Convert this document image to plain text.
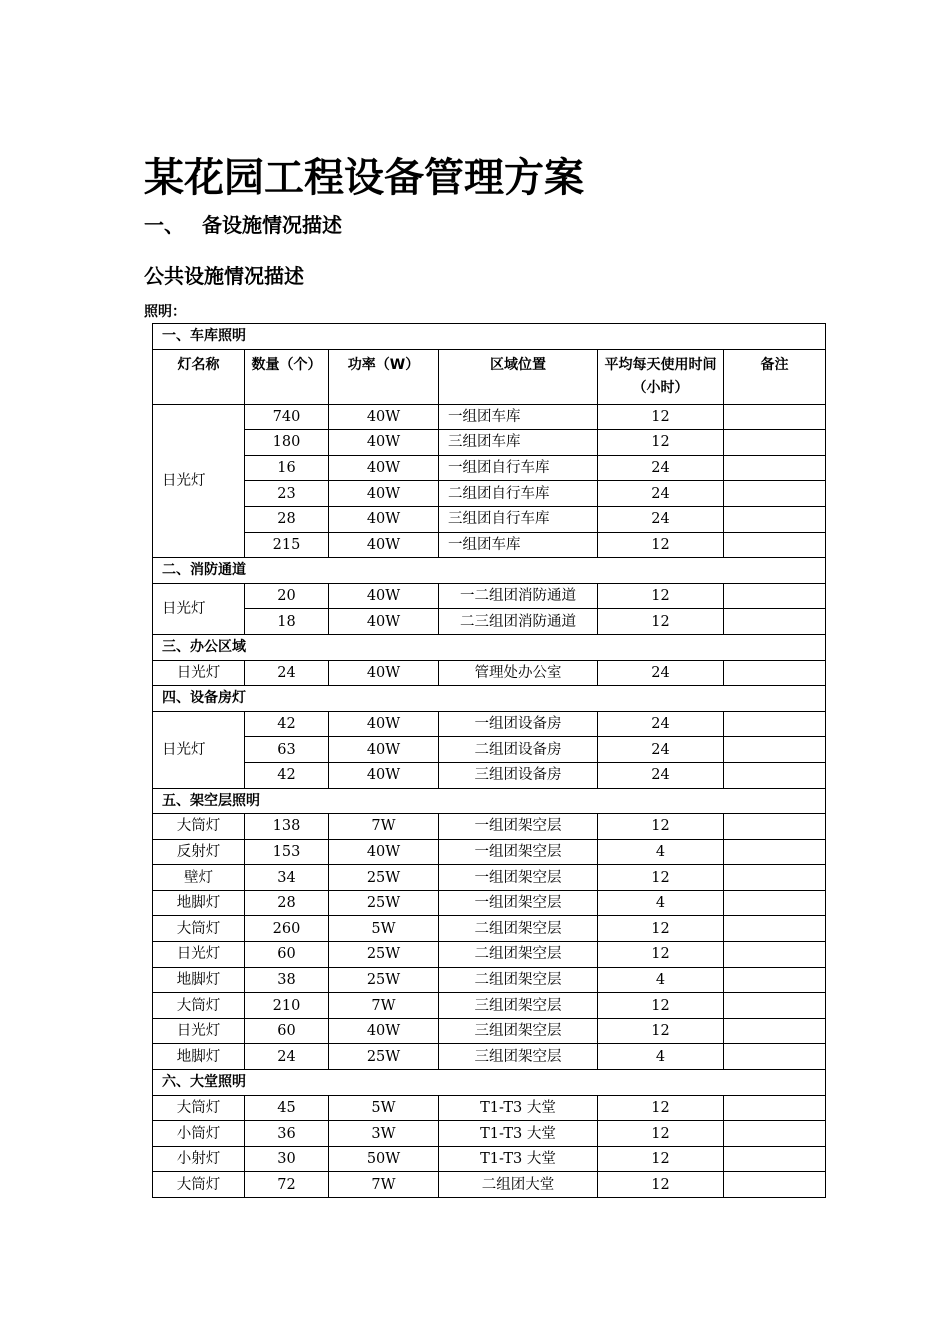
某花园工程设备管理方案
一、 备设施情况描述
公共设施情况描述
照明：
一、车库照明					
灯名称	数量（个）	功率（W）	区域位置	平均每天使用时间（小时）	备注
日光灯	740	40W	一组团车库	12	
	180	40W	三组团车库	12	
	16	40W	一组团自行车库	24	
	23	40W	二组团自行车库	24	
	28	40W	三组团自行车库	24	
	215	40W	一组团车库	12	
二、消防通道					
日光灯	20	40W	一二组团消防通道	12	
	18	40W	二三组团消防通道	12	
三、办公区域					
日光灯	24	40W	管理处办公室	24	
四、设备房灯					
日光灯	42	40W	一组团设备房	24	
	63	40W	二组团设备房	24	
	42	40W	三组团设备房	24	
五、架空层照明					
大筒灯	138	7W	一组团架空层	12	
反射灯	153	40W	一组团架空层	4	
壁灯	34	25W	一组团架空层	12	
地脚灯	28	25W	一组团架空层	4	
大筒灯	260	5W	二组团架空层	12	
日光灯	60	25W	二组团架空层	12	
地脚灯	38	25W	二组团架空层	4	
大筒灯	210	7W	三组团架空层	12	
日光灯	60	40W	三组团架空层	12	
地脚灯	24	25W	三组团架空层	4	
六、大堂照明					
大筒灯	45	5W	T1-T3 大堂	12	
小筒灯	36	3W	T1-T3 大堂	12	
小射灯	30	50W	T1-T3 大堂	12	
大筒灯	72	7W	二组团大堂	12	
